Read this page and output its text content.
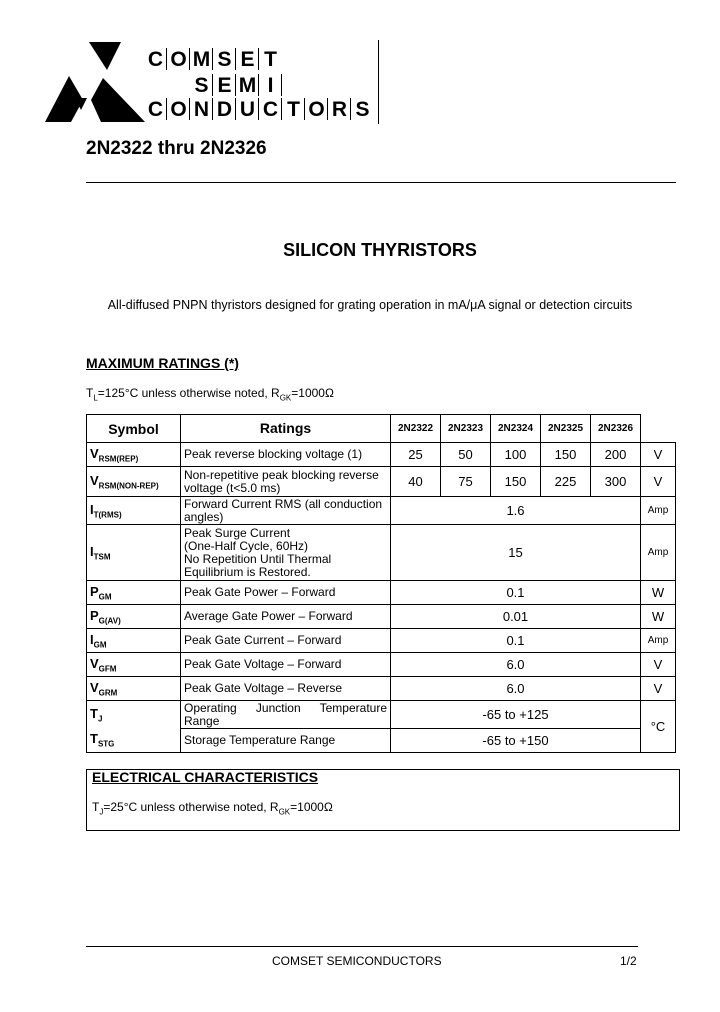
C O M S E T
S E M I
C O N D U C T O R S
2N2322 thru 2N2326
SILICON THYRISTORS
All-diffused PNPN thyristors designed for grating operation in mA/μA signal or detection circuits
MAXIMUM RATINGS (*)
$T_L=125^\circ C$ unless otherwise noted, $R_{GK}=1000\Omega$
Symbol	Ratings	2N2322	2N2323	2N2324	2N2325	2N2326	
$V_{RSM(REP)}$	Peak reverse blocking voltage (1)	25	50	100	150	200	V
$V_{RSM(NON-REP)}$	Non-repetitive peak blocking reverse voltage (t<5.0 ms)	40	75	150	225	300	V
$I_{T(RMS)}$	Forward Current RMS (all conduction angles)	1.6					Amp
$I_{TSM}$	Peak Surge Current
(One-Half Cycle, 60Hz)
No Repetition Until Thermal
Equilibrium is Restored.	15					Amp
$P_{GM}$	Peak Gate Power – Forward	0.1					W
$P_{G(AV)}$	Average Gate Power – Forward	0.01					W
$I_{GM}$	Peak Gate Current – Forward	0.1					Amp
$V_{GFM}$	Peak Gate Voltage – Forward	6.0					V
$V_{GRM}$	Peak Gate Voltage – Reverse	6.0					V
$T_J$	Operating Junction Temperature Range	-65 to +125					°C
$T_{STG}$	Storage Temperature Range	-65 to +150					
ELECTRICAL CHARACTERISTICS
$T_J=25^\circ C$ unless otherwise noted, $R_{GK}=1000\Omega$
COMSET SEMICONDUCTORS	1/2
